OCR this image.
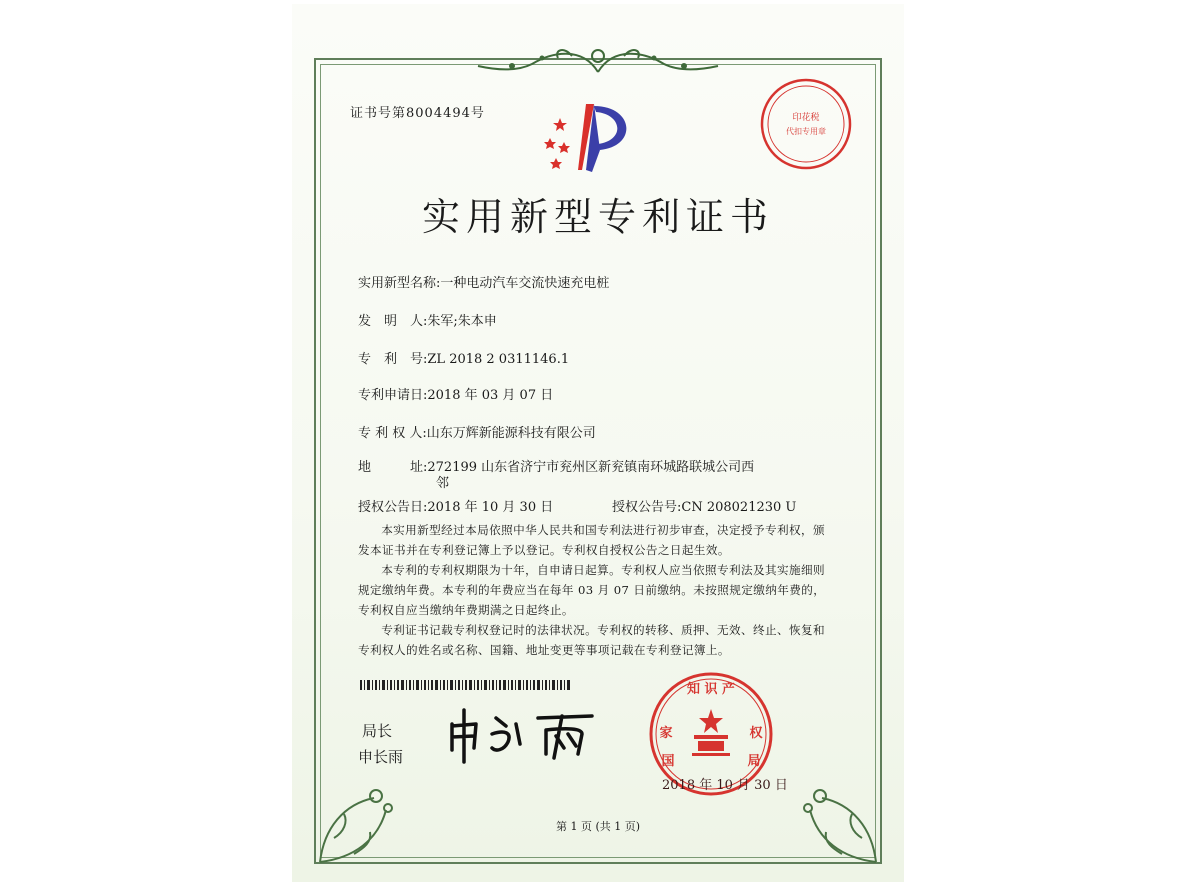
证书号第8004494号	印花税
代扣专用章
实用新型专利证书
实用新型名称:一种电动汽车交流快速充电桩
发　明　人:朱军;朱本申
专　利　号:ZL 2018 2 0311146.1
专利申请日:2018 年 03 月 07 日
专 利 权 人:山东万辉新能源科技有限公司
地　　　址:272199 山东省济宁市兖州区新兖镇南环城路联城公司西
邻
授权公告日:2018 年 10 月 30 日	授权公告号:CN 208021230 U
本实用新型经过本局依照中华人民共和国专利法进行初步审查，决定授予专利权，颁发本证书并在专利登记簿上予以登记。专利权自授权公告之日起生效。
本专利的专利权期限为十年，自申请日起算。专利权人应当依照专利法及其实施细则规定缴纳年费。本专利的年费应当在每年 03 月 07 日前缴纳。未按照规定缴纳年费的，专利权自应当缴纳年费期满之日起终止。
专利证书记载专利权登记时的法律状况。专利权的转移、质押、无效、终止、恢复和专利权人的姓名或名称、国籍、地址变更等事项记载在专利登记簿上。
局长
申长雨
知 识 产
家	权
国	局
2018 年 10 月 30 日
第 1 页 (共 1 页)
